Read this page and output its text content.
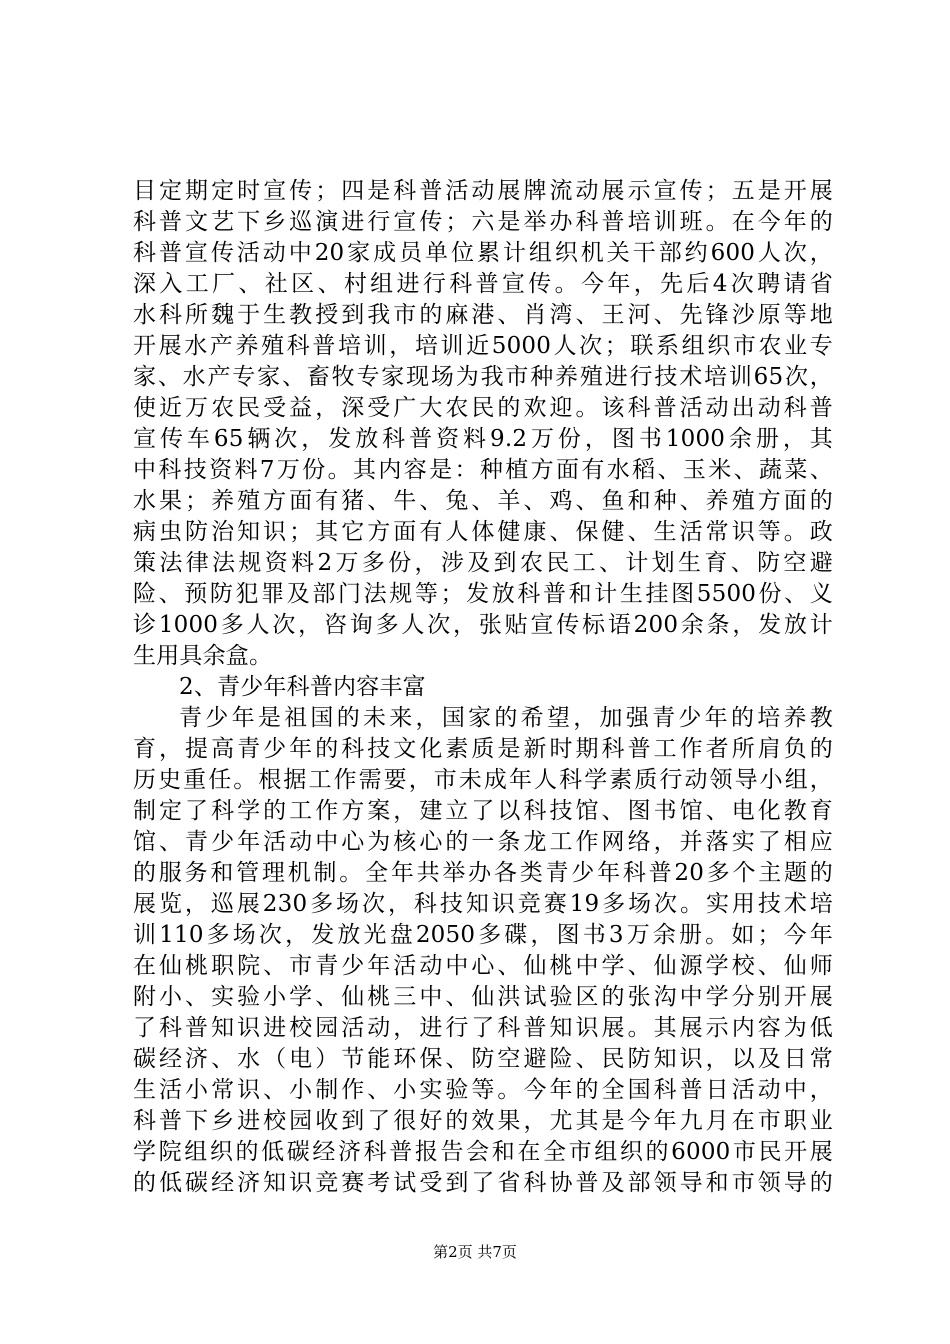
目定期定时宣传；四是科普活动展牌流动展示宣传；五是开展
科普文艺下乡巡演进行宣传；六是举办科普培训班。在今年的
科普宣传活动中20家成员单位累计组织机关干部约600人次，
深入工厂、社区、村组进行科普宣传。今年，先后4次聘请省
水科所魏于生教授到我市的麻港、肖湾、王河、先锋沙原等地
开展水产养殖科普培训，培训近5000人次；联系组织市农业专
家、水产专家、畜牧专家现场为我市种养殖进行技术培训65次，
使近万农民受益，深受广大农民的欢迎。该科普活动出动科普
宣传车65辆次，发放科普资料9.2万份，图书1000余册，其
中科技资料7万份。其内容是：种植方面有水稻、玉米、蔬菜、
水果；养殖方面有猪、牛、兔、羊、鸡、鱼和种、养殖方面的
病虫防治知识；其它方面有人体健康、保健、生活常识等。政
策法律法规资料2万多份，涉及到农民工、计划生育、防空避
险、预防犯罪及部门法规等；发放科普和计生挂图5500份、义
诊1000多人次，咨询多人次，张贴宣传标语200余条，发放计
生用具余盒。
2、青少年科普内容丰富
青少年是祖国的未来，国家的希望，加强青少年的培养教
育，提高青少年的科技文化素质是新时期科普工作者所肩负的
历史重任。根据工作需要，市未成年人科学素质行动领导小组，
制定了科学的工作方案，建立了以科技馆、图书馆、电化教育
馆、青少年活动中心为核心的一条龙工作网络，并落实了相应
的服务和管理机制。全年共举办各类青少年科普20多个主题的
展览，巡展230多场次，科技知识竞赛19多场次。实用技术培
训110多场次，发放光盘2050多碟，图书3万余册。如；今年
在仙桃职院、市青少年活动中心、仙桃中学、仙源学校、仙师
附小、实验小学、仙桃三中、仙洪试验区的张沟中学分别开展
了科普知识进校园活动，进行了科普知识展。其展示内容为低
碳经济、水（电）节能环保、防空避险、民防知识，以及日常
生活小常识、小制作、小实验等。今年的全国科普日活动中，
科普下乡进校园收到了很好的效果，尤其是今年九月在市职业
学院组织的低碳经济科普报告会和在全市组织的6000市民开展
的低碳经济知识竞赛考试受到了省科协普及部领导和市领导的
第2页 共7页
